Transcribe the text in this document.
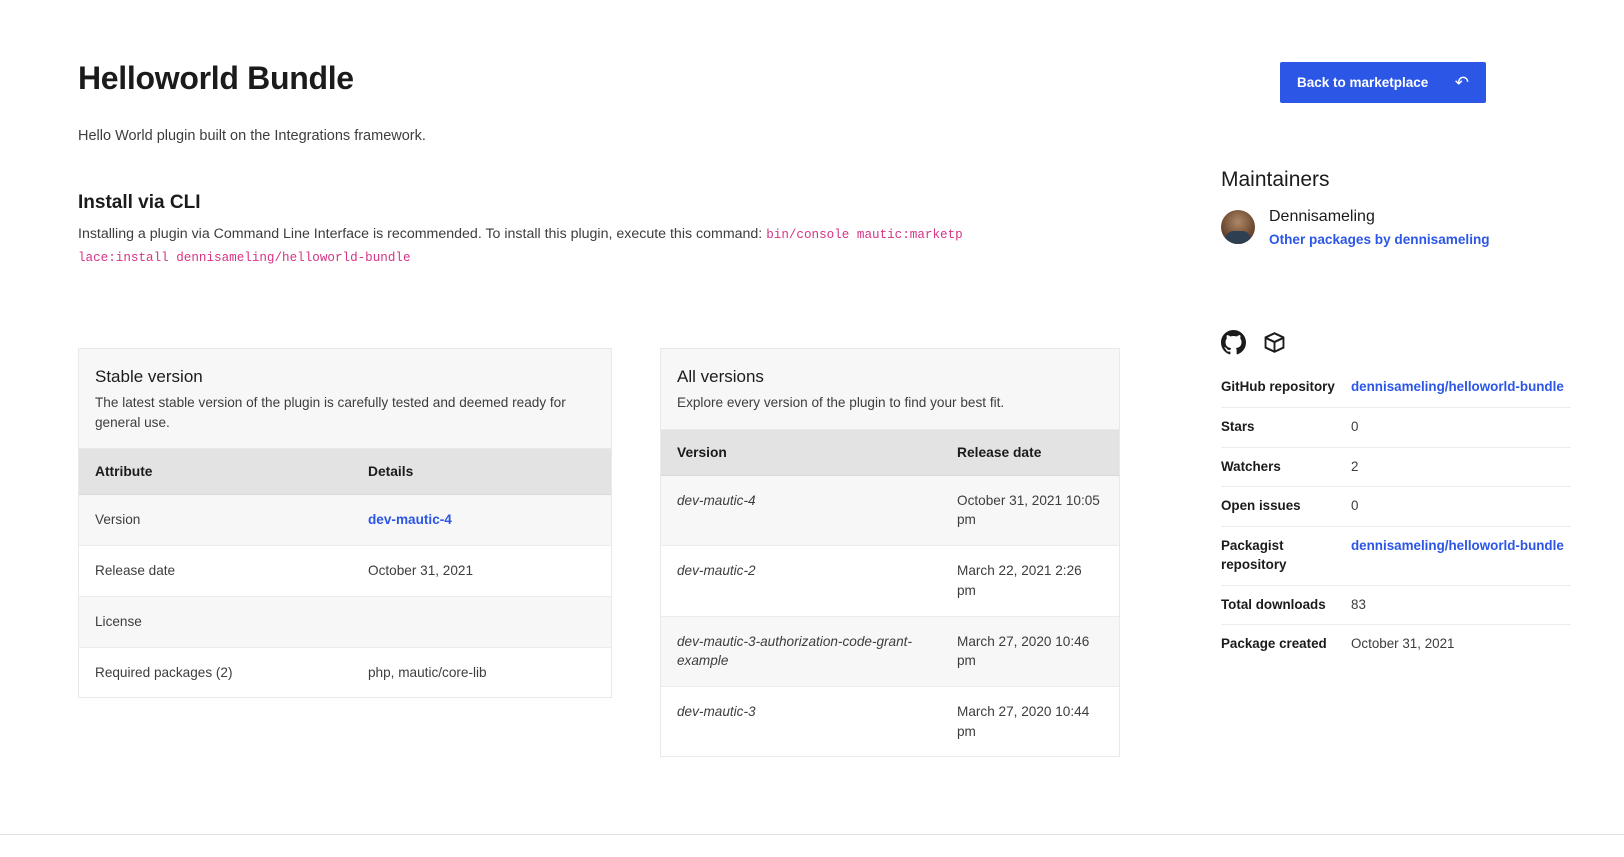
Helloworld Bundle
Hello World plugin built on the Integrations framework.
Back to marketplace ↶
Install via CLI
Installing a plugin via Command Line Interface is recommended. To install this plugin, execute this command: bin/console mautic:marketplace:install dennisameling/helloworld-bundle
Stable version
The latest stable version of the plugin is carefully tested and deemed ready for general use.
Attribute	Details
Version	dev-mautic-4
Release date	October 31, 2021
License	
Required packages (2)	php, mautic/core-lib
All versions
Explore every version of the plugin to find your best fit.
Version	Release date
dev-mautic-4	October 31, 2021 10:05 pm
dev-mautic-2	March 22, 2021 2:26 pm
dev-mautic-3-authorization-code-grant-example	March 27, 2020 10:46 pm
dev-mautic-3	March 27, 2020 10:44 pm
Maintainers
Dennisameling
Other packages by dennisameling
GitHub repository	dennisameling/helloworld-bundle
Stars	0
Watchers	2
Open issues	0
Packagist repository	dennisameling/helloworld-bundle
Total downloads	83
Package created	October 31, 2021
